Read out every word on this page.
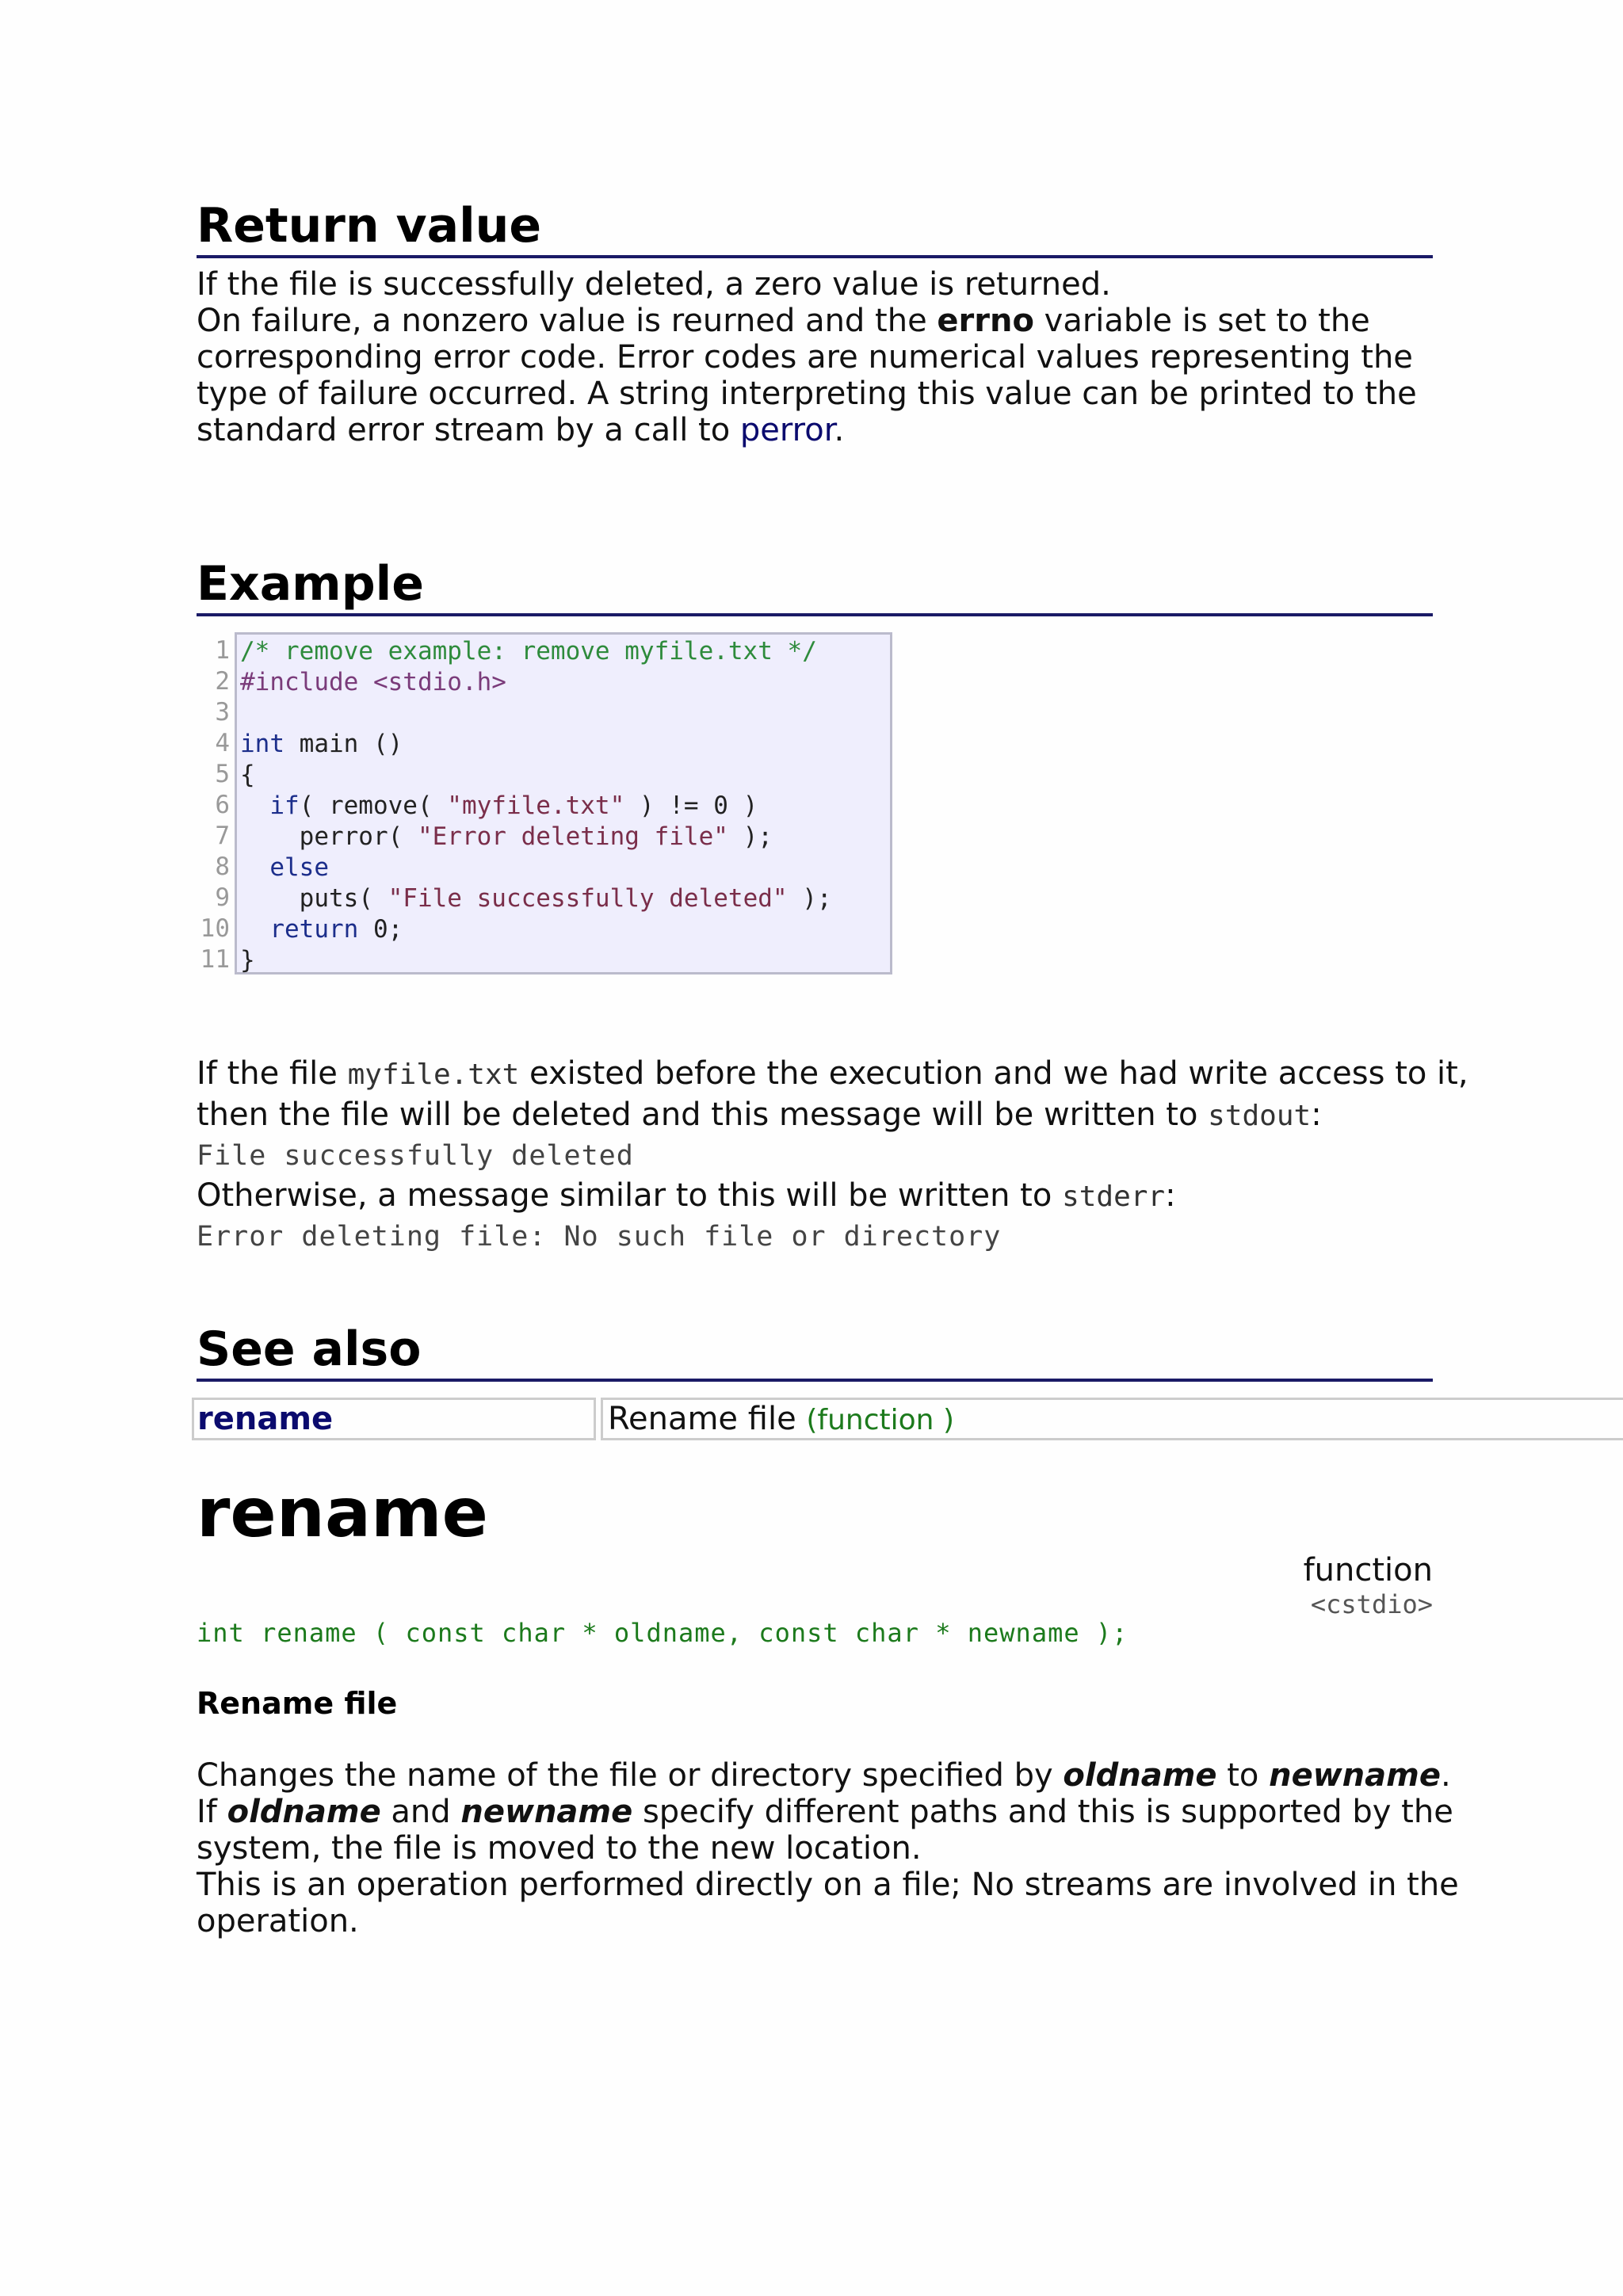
Return value

If the file is successfully deleted, a zero value is returned.
On failure, a nonzero value is reurned and the errno variable is set to the corresponding error code. Error codes are numerical values representing the type of failure occurred. A string interpreting this value can be printed to the standard error stream by a call to perror.

Example
1
2
3
4
5
6
7
8
9
10
11
/* remove example: remove myfile.txt */
#include <stdio.h>
int main ()
{
if( remove( "myfile.txt" ) != 0 )
perror( "Error deleting file" );
else
puts( "File successfully deleted" );
return 0;
}

If the file myfile.txt existed before the execution and we had write access to it,
then the file will be deleted and this message will be written to stdout:

File successfully deleted

Otherwise, a message similar to this will be written to stderr:

Error deleting file: No such file or directory
See also
rename	Rename file (function )
rename
function
<cstdio>
int rename ( const char * oldname, const char * newname );
Rename file

Changes the name of the file or directory specified by oldname to newname.
If oldname and newname specify different paths and this is supported by the system, the file is moved to the new location.
This is an operation performed directly on a file; No streams are involved in the operation.
